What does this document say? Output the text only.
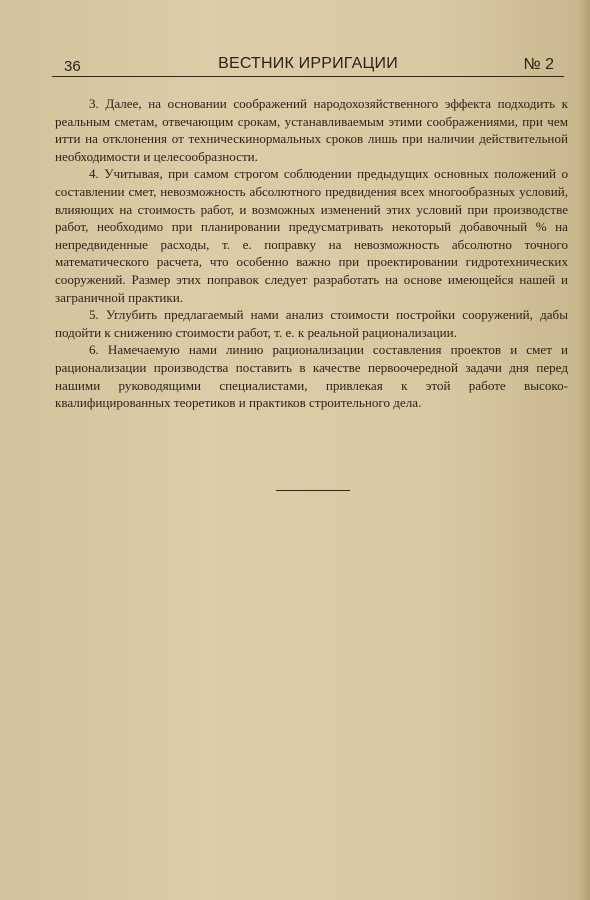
36	ВЕСТНИК ИРРИГАЦИИ	№ 2

3. Далее, на основании соображений народохозяйственного эффекта подходить к реальным сметам, отвечающим срокам, устанавливаемым этими соображениями, при чем итти на отклонения от техническинормальных сроков лишь при наличии действительной необходимости и целесообразности.

4. Учитывая, при самом строгом соблюдении предыдущих основных положений о составлении смет, невозможность абсолютного предвидения всех многообразных условий, влияющих на стоимость работ, и возможных изменений этих условий при производстве работ, необходимо при планировании предусматривать некоторый добавочный % на непредвиденные расходы, т. е. поправку на невозможность абсолютно точного математического расчета, что особенно важно при проектировании гидротехнических сооружений. Размер этих поправок следует разработать на основе имеющейся нашей и заграничной практики.

5. Углубить предлагаемый нами анализ стоимости постройки сооружений, дабы подойти к снижению стоимости работ, т. е. к реальной рационализации.

6. Намечаемую нами линию рационализации составления проектов и смет и рационализации производства поставить в качестве первоочередной задачи дня перед нашими руководящими специалистами, привлекая к этой работе высоко-квалифицированных теоретиков и практиков строительного дела.
